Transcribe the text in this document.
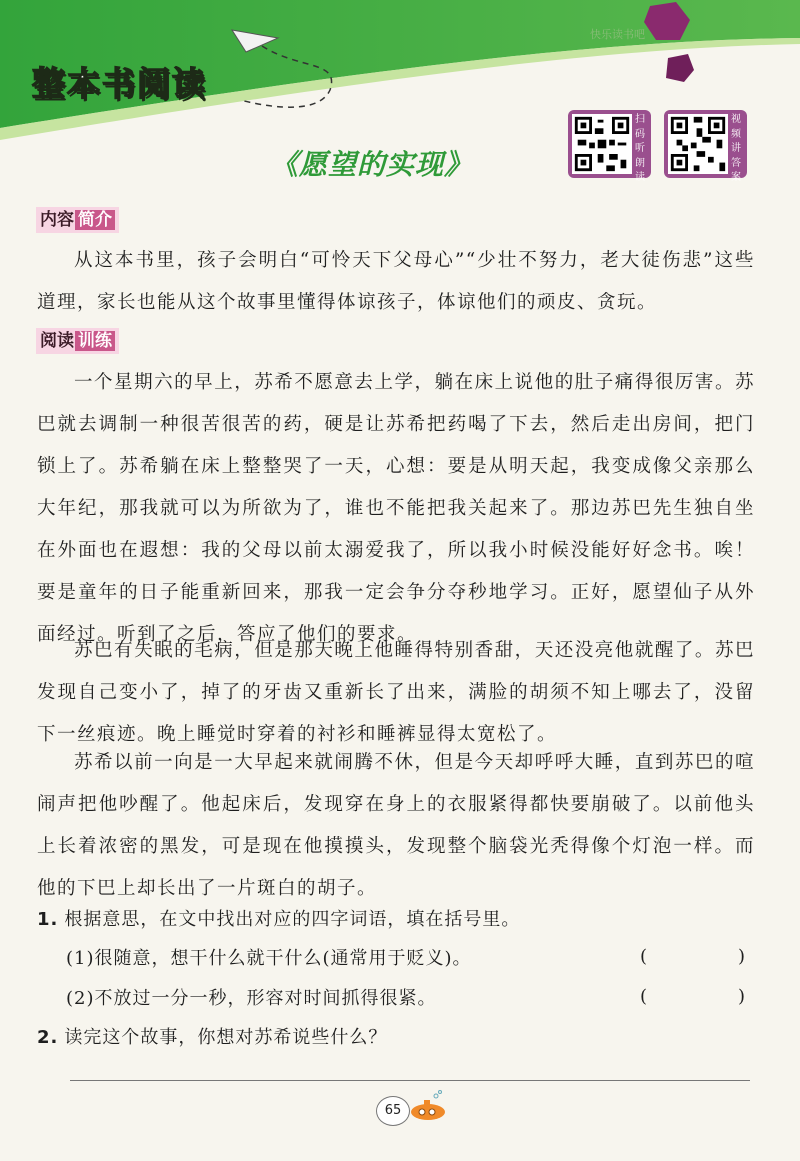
快乐读书吧
整本书阅读
扫码听朗读
视频讲答案
《愿望的实现》
内容 简介

从这本书里，孩子会明白“可怜天下父母心”“少壮不努力，老大徒伤悲”这些道理，家长也能从这个故事里懂得体谅孩子，体谅他们的顽皮、贪玩。

阅读 训练

一个星期六的早上，苏希不愿意去上学，躺在床上说他的肚子痛得很厉害。苏巴就去调制一种很苦很苦的药，硬是让苏希把药喝了下去，然后走出房间，把门锁上了。苏希躺在床上整整哭了一天，心想：要是从明天起，我变成像父亲那么大年纪，那我就可以为所欲为了，谁也不能把我关起来了。那边苏巴先生独自坐在外面也在遐想：我的父母以前太溺爱我了，所以我小时候没能好好念书。唉！要是童年的日子能重新回来，那我一定会争分夺秒地学习。正好，愿望仙子从外面经过。听到了之后，答应了他们的要求。

苏巴有失眠的毛病，但是那天晚上他睡得特别香甜，天还没亮他就醒了。苏巴发现自己变小了，掉了的牙齿又重新长了出来，满脸的胡须不知上哪去了，没留下一丝痕迹。晚上睡觉时穿着的衬衫和睡裤显得太宽松了。

苏希以前一向是一大早起来就闹腾不休，但是今天却呼呼大睡，直到苏巴的喧闹声把他吵醒了。他起床后，发现穿在身上的衣服紧得都快要崩破了。以前他头上长着浓密的黑发，可是现在他摸摸头，发现整个脑袋光秃得像个灯泡一样。而他的下巴上却长出了一片斑白的胡子。

1. 根据意思，在文中找出对应的四字词语，填在括号里。
(1)很随意，想干什么就干什么(通常用于贬义)。	(	)
(2)不放过一分一秒，形容对时间抓得很紧。	(	)
2. 读完这个故事，你想对苏希说些什么？
65
